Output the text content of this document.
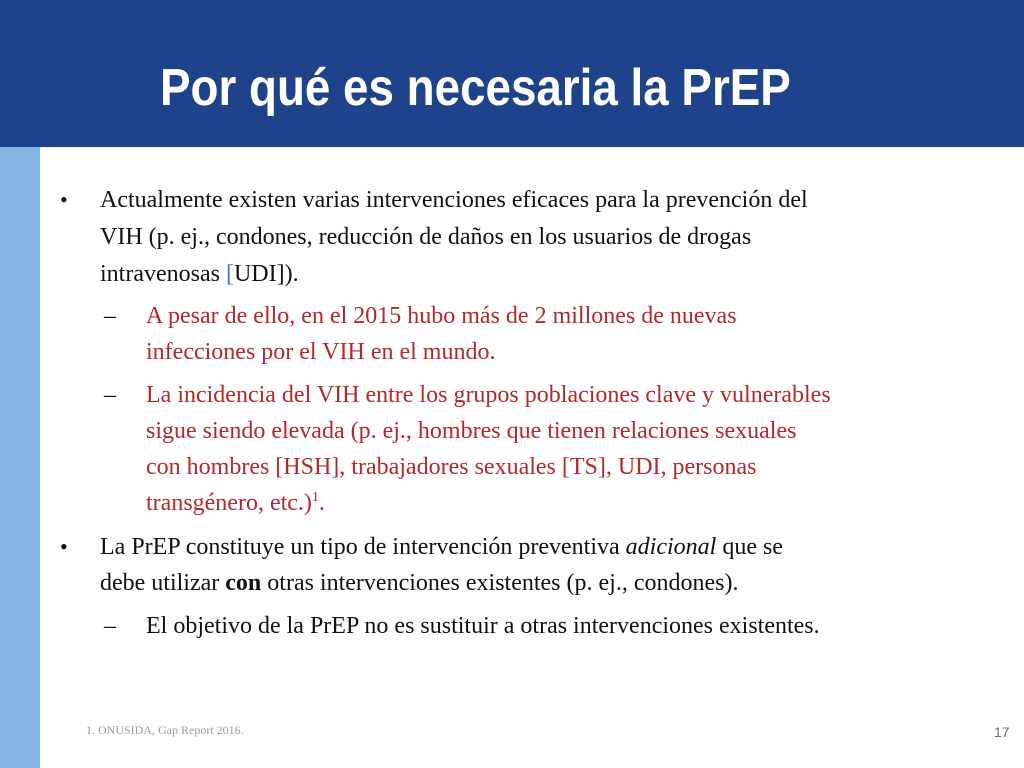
Por qué es necesaria la PrEP
• Actualmente existen varias intervenciones eficaces para la prevención del
VIH (p. ej., condones, reducción de daños en los usuarios de drogas
intravenosas [UDI]).
– A pesar de ello, en el 2015 hubo más de 2 millones de nuevas
infecciones por el VIH en el mundo.
– La incidencia del VIH entre los grupos poblaciones clave y vulnerables
sigue siendo elevada (p. ej., hombres que tienen relaciones sexuales
con hombres [HSH], trabajadores sexuales [TS], UDI, personas
transgénero, etc.)$^1$.
• La PrEP constituye un tipo de intervención preventiva adicional que se
debe utilizar con otras intervenciones existentes (p. ej., condones).
– El objetivo de la PrEP no es sustituir a otras intervenciones existentes.
1. ONUSIDA, Gap Report 2016.	17
